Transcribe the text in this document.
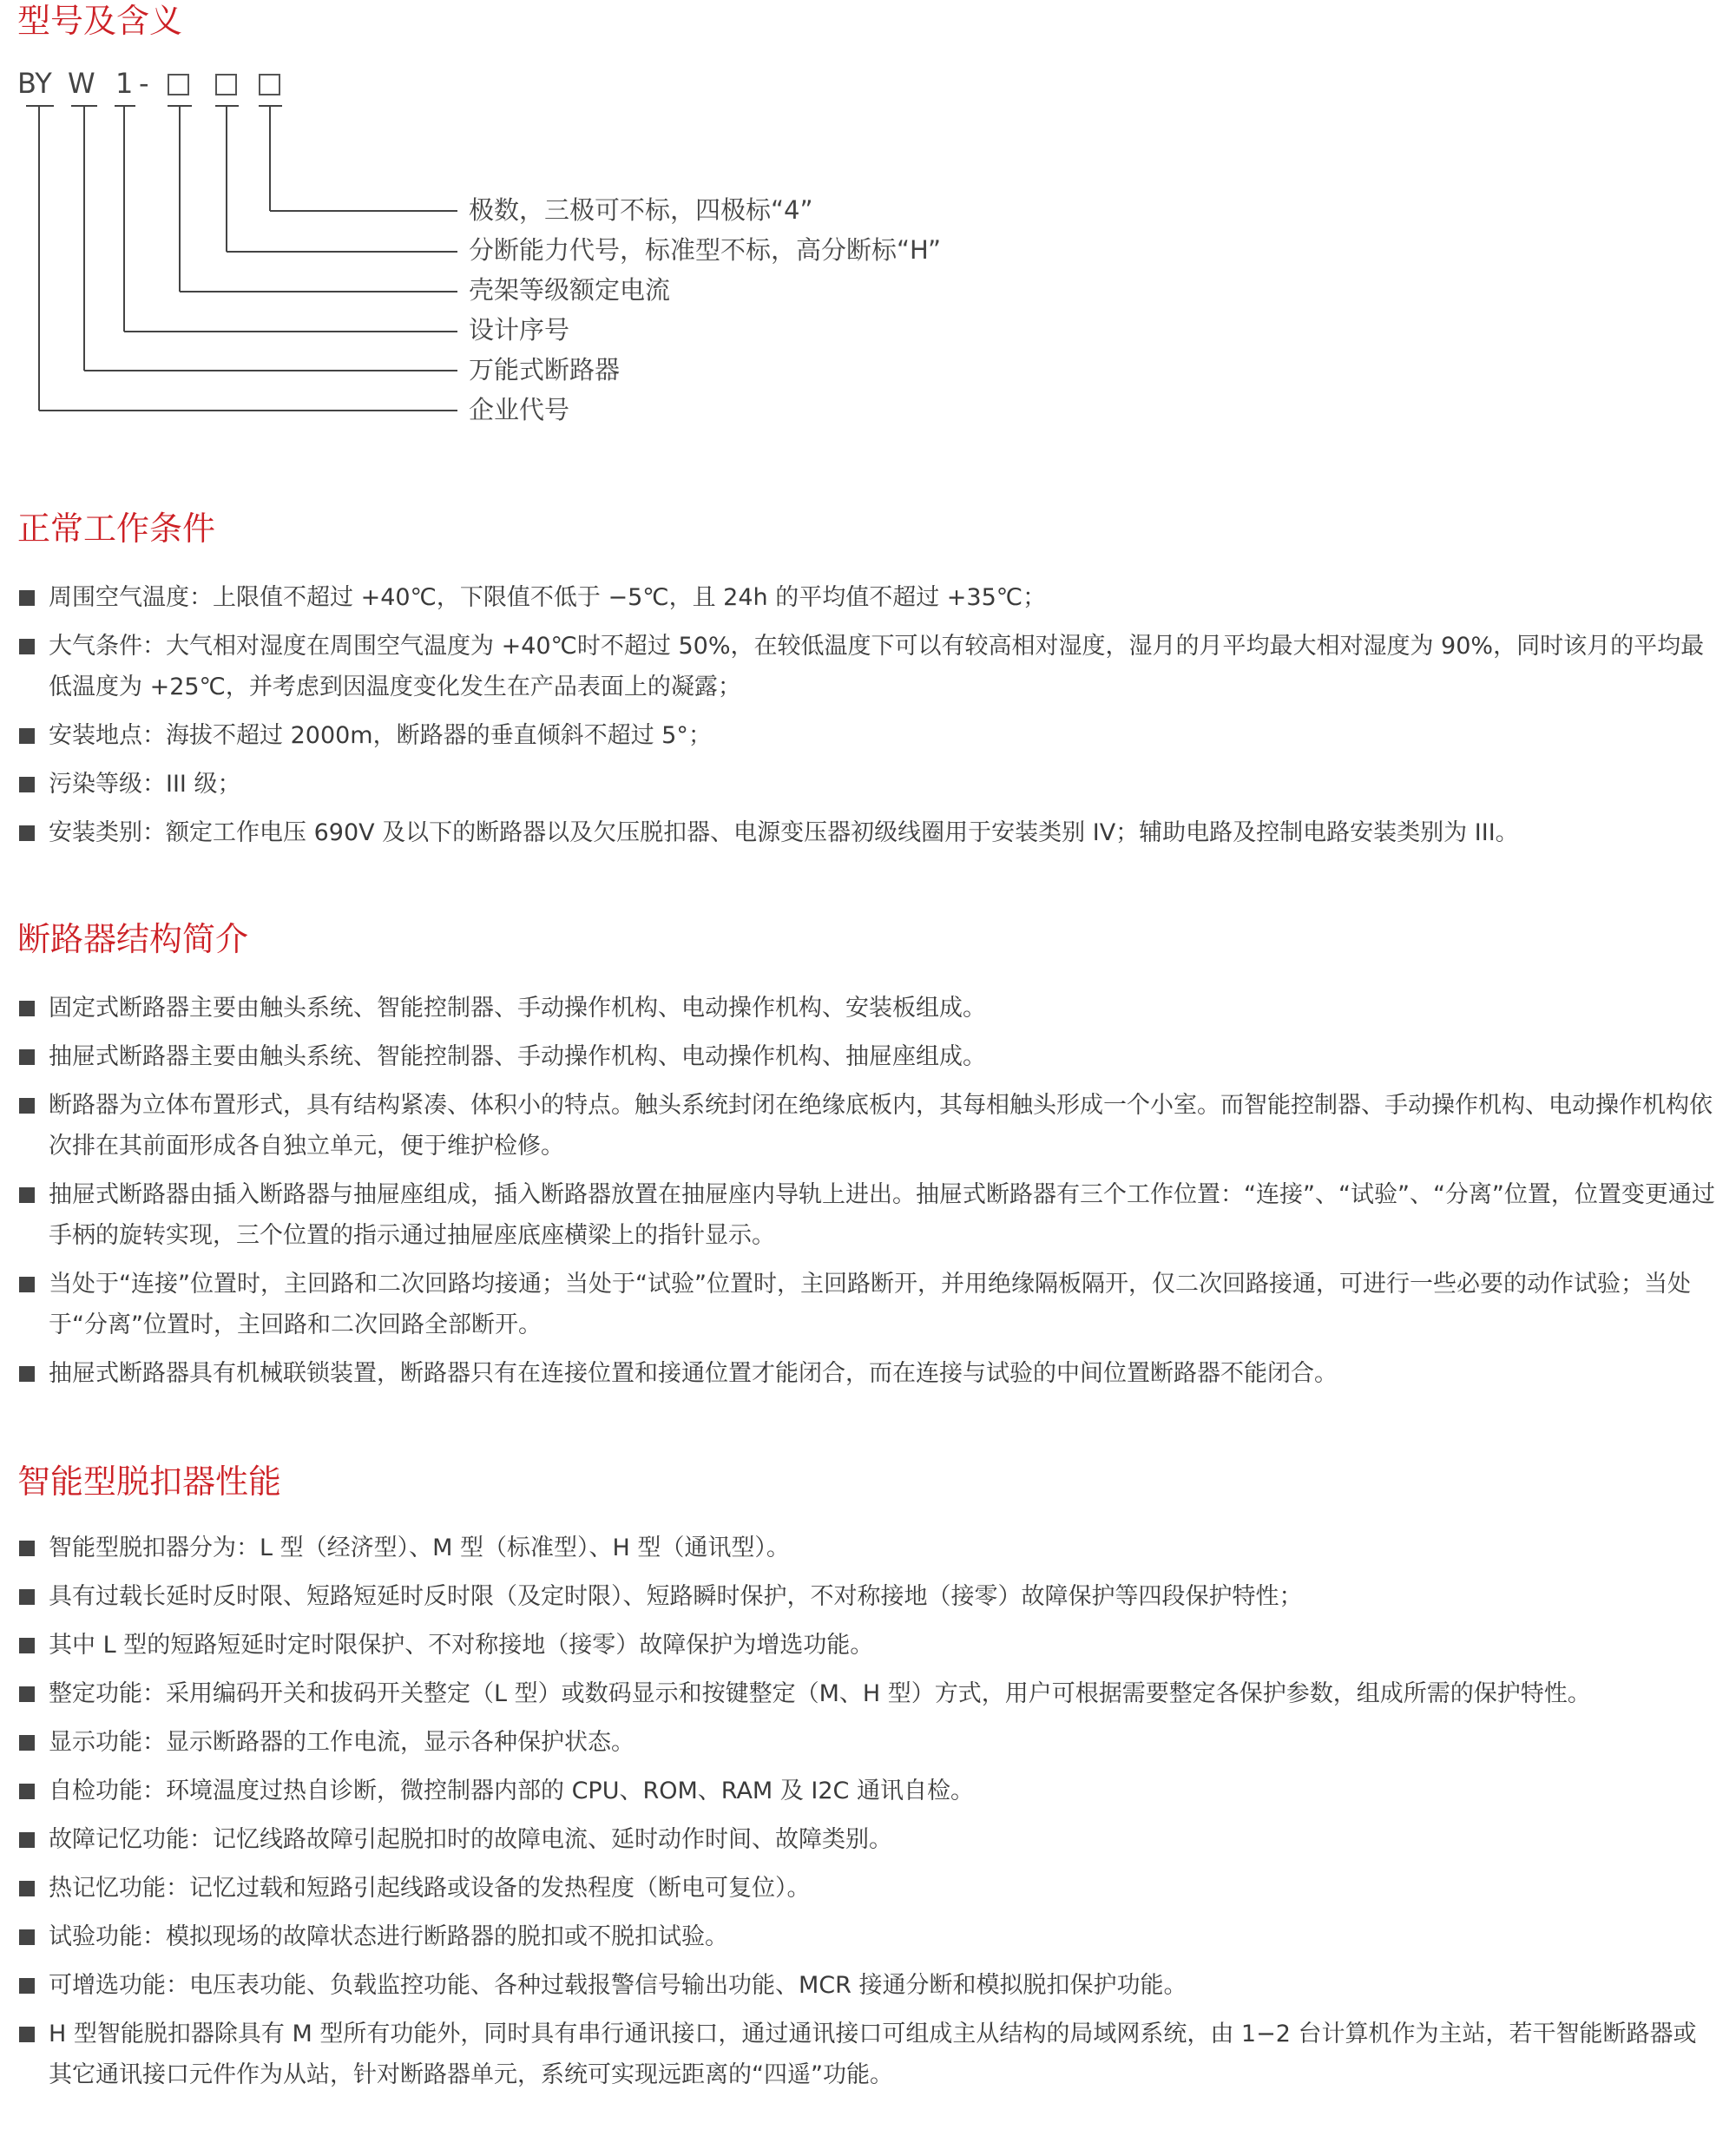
型号及含义
BY W 1 -
极数，三极可不标，四极标“4”
分断能力代号，标准型不标，高分断标“H”
壳架等级额定电流
设计序号
万能式断路器
企业代号
正常工作条件
周围空气温度：上限值不超过 +40℃，下限值不低于 −5℃，且 24h 的平均值不超过 +35℃；
大气条件：大气相对湿度在周围空气温度为 +40℃时不超过 50%，在较低温度下可以有较高相对湿度，湿月的月平均最大相对湿度为 90%，同时该月的平均最低温度为 +25℃，并考虑到因温度变化发生在产品表面上的凝露；
安装地点：海拔不超过 2000m，断路器的垂直倾斜不超过 5°；
污染等级：III 级；
安装类别：额定工作电压 690V 及以下的断路器以及欠压脱扣器、电源变压器初级线圈用于安装类别 IV；辅助电路及控制电路安装类别为 III。
断路器结构简介
固定式断路器主要由触头系统、智能控制器、手动操作机构、电动操作机构、安装板组成。
抽屉式断路器主要由触头系统、智能控制器、手动操作机构、电动操作机构、抽屉座组成。
断路器为立体布置形式，具有结构紧凑、体积小的特点。触头系统封闭在绝缘底板内，其每相触头形成一个小室。而智能控制器、手动操作机构、电动操作机构依次排在其前面形成各自独立单元，便于维护检修。
抽屉式断路器由插入断路器与抽屉座组成，插入断路器放置在抽屉座内导轨上进出。抽屉式断路器有三个工作位置：“连接”、“试验”、“分离”位置，位置变更通过手柄的旋转实现，三个位置的指示通过抽屉座底座横梁上的指针显示。
当处于“连接”位置时，主回路和二次回路均接通；当处于“试验”位置时，主回路断开，并用绝缘隔板隔开，仅二次回路接通，可进行一些必要的动作试验；当处于“分离”位置时，主回路和二次回路全部断开。
抽屉式断路器具有机械联锁装置，断路器只有在连接位置和接通位置才能闭合，而在连接与试验的中间位置断路器不能闭合。
智能型脱扣器性能
智能型脱扣器分为：L 型（经济型）、M 型（标准型）、H 型（通讯型）。
具有过载长延时反时限、短路短延时反时限（及定时限）、短路瞬时保护，不对称接地（接零）故障保护等四段保护特性；
其中 L 型的短路短延时定时限保护、不对称接地（接零）故障保护为增选功能。
整定功能：采用编码开关和拔码开关整定（L 型）或数码显示和按键整定（M、H 型）方式，用户可根据需要整定各保护参数，组成所需的保护特性。
显示功能：显示断路器的工作电流，显示各种保护状态。
自检功能：环境温度过热自诊断，微控制器内部的 CPU、ROM、RAM 及 I2C 通讯自检。
故障记忆功能：记忆线路故障引起脱扣时的故障电流、延时动作时间、故障类别。
热记忆功能：记忆过载和短路引起线路或设备的发热程度（断电可复位）。
试验功能：模拟现场的故障状态进行断路器的脱扣或不脱扣试验。
可增选功能：电压表功能、负载监控功能、各种过载报警信号输出功能、MCR 接通分断和模拟脱扣保护功能。
H 型智能脱扣器除具有 M 型所有功能外，同时具有串行通讯接口，通过通讯接口可组成主从结构的局域网系统，由 1−2 台计算机作为主站，若干智能断路器或其它通讯接口元件作为从站，针对断路器单元，系统可实现远距离的“四遥”功能。
